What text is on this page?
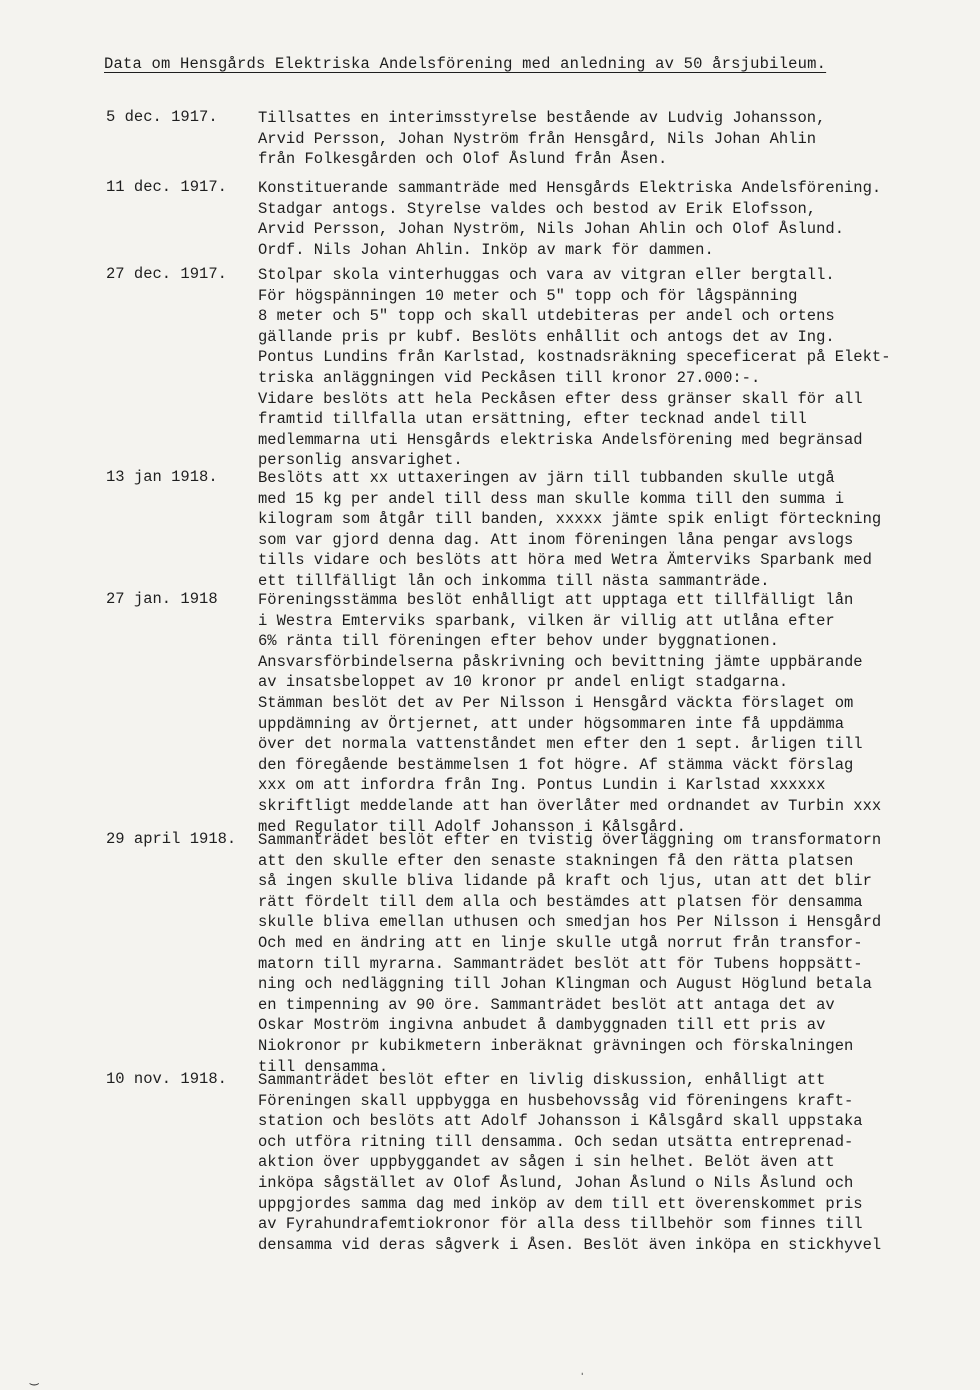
Data om Hensgårds Elektriska Andelsförening med anledning av 50 årsjubileum.
5 dec. 1917.	Tillsattes en interimsstyrelse bestående av Ludvig Johansson,
Arvid Persson, Johan Nyström från Hensgård, Nils Johan Ahlin
från Folkesgården och Olof Åslund från Åsen.
11 dec. 1917. Konstituerande sammanträde med Hensgårds Elektriska Andelsförening.
Stadgar antogs. Styrelse valdes och bestod av Erik Elofsson,
Arvid Persson, Johan Nyström, Nils Johan Ahlin och Olof Åslund.
Ordf. Nils Johan Ahlin. Inköp av mark för dammen.
27 dec. 1917. Stolpar skola vinterhuggas och vara av vitgran eller bergtall.
För högspänningen 10 meter och 5" topp och för lågspänning
8 meter och 5" topp och skall utdebiteras per andel och ortens
gällande pris pr kubf. Beslöts enhållit och antogs det av Ing.
Pontus Lundins från Karlstad, kostnadsräkning speceficerat på Elekt-
triska anläggningen vid Peckåsen till kronor 27.000:-.
Vidare beslöts att hela Peckåsen efter dess gränser skall för all
framtid tillfalla utan ersättning, efter tecknad andel till
medlemmarna uti Hensgårds elektriska Andelsförening med begränsad
personlig ansvarighet.
13 jan 1918.	Beslöts att xx uttaxeringen av järn till tubbanden skulle utgå
med 15 kg per andel till dess man skulle komma till den summa i
kilogram som åtgår till banden, xxxxx jämte spik enligt förteckning
som var gjord denna dag. Att inom föreningen låna pengar avslogs
tills vidare och beslöts att höra med Wetra Ämterviks Sparbank med
ett tillfälligt lån och inkomma till nästa sammanträde.
27 jan. 1918	Föreningsstämma beslöt enhålligt att upptaga ett tillfälligt lån
i Westra Emterviks sparbank, vilken är villig att utlåna efter
6% ränta till föreningen efter behov under byggnationen.
Ansvarsförbindelserna påskrivning och bevittning jämte uppbärande
av insatsbeloppet av 10 kronor pr andel enligt stadgarna.
Stämman beslöt det av Per Nilsson i Hensgård väckta förslaget om
uppdämning av Örtjernet, att under högsommaren inte få uppdämma
över det normala vattenståndet men efter den 1 sept. årligen till
den föregående bestämmelsen 1 fot högre. Af stämma väckt förslag
xxx om att infordra från Ing. Pontus Lundin i Karlstad xxxxxx
skriftligt meddelande att han överlåter med ordnandet av Turbin xxx
med Regulator till Adolf Johansson i Kålsgård.
29 april 1918. Sammanträdet beslöt efter en tvistig överläggning om transformatorn
att den skulle efter den senaste stakningen få den rätta platsen
så ingen skulle bliva lidande på kraft och ljus, utan att det blir
rätt fördelt till dem alla och bestämdes att platsen för densamma
skulle bliva emellan uthusen och smedjan hos Per Nilsson i Hensgård
Och med en ändring att en linje skulle utgå norrut från transfor-
matorn till myrarna. Sammanträdet beslöt att för Tubens hoppsätt-
ning och nedläggning till Johan Klingman och August Höglund betala
en timpenning av 90 öre. Sammanträdet beslöt att antaga det av
Oskar Moström ingivna anbudet å dambyggnaden till ett pris av
Niokronor pr kubikmetern inberäknat grävningen och förskalningen
till densamma.
10 nov. 1918. Sammanträdet beslöt efter en livlig diskussion, enhålligt att
Föreningen skall uppbygga en husbehovssåg vid föreningens kraft-
station och beslöts att Adolf Johansson i Kålsgård skall uppstaka
och utföra ritning till densamma. Och sedan utsätta entreprenad-
aktion över uppbyggandet av sågen i sin helhet. Belöt även att
inköpa sågstället av Olof Åslund, Johan Åslund o Nils Åslund och
uppgjordes samma dag med inköp av dem till ett överenskommet pris
av Fyrahundrafemtiokronor för alla dess tillbehör som finnes till
densamma vid deras sågverk i Åsen. Beslöt även inköpa en stickhyvel
‿	ˈ
